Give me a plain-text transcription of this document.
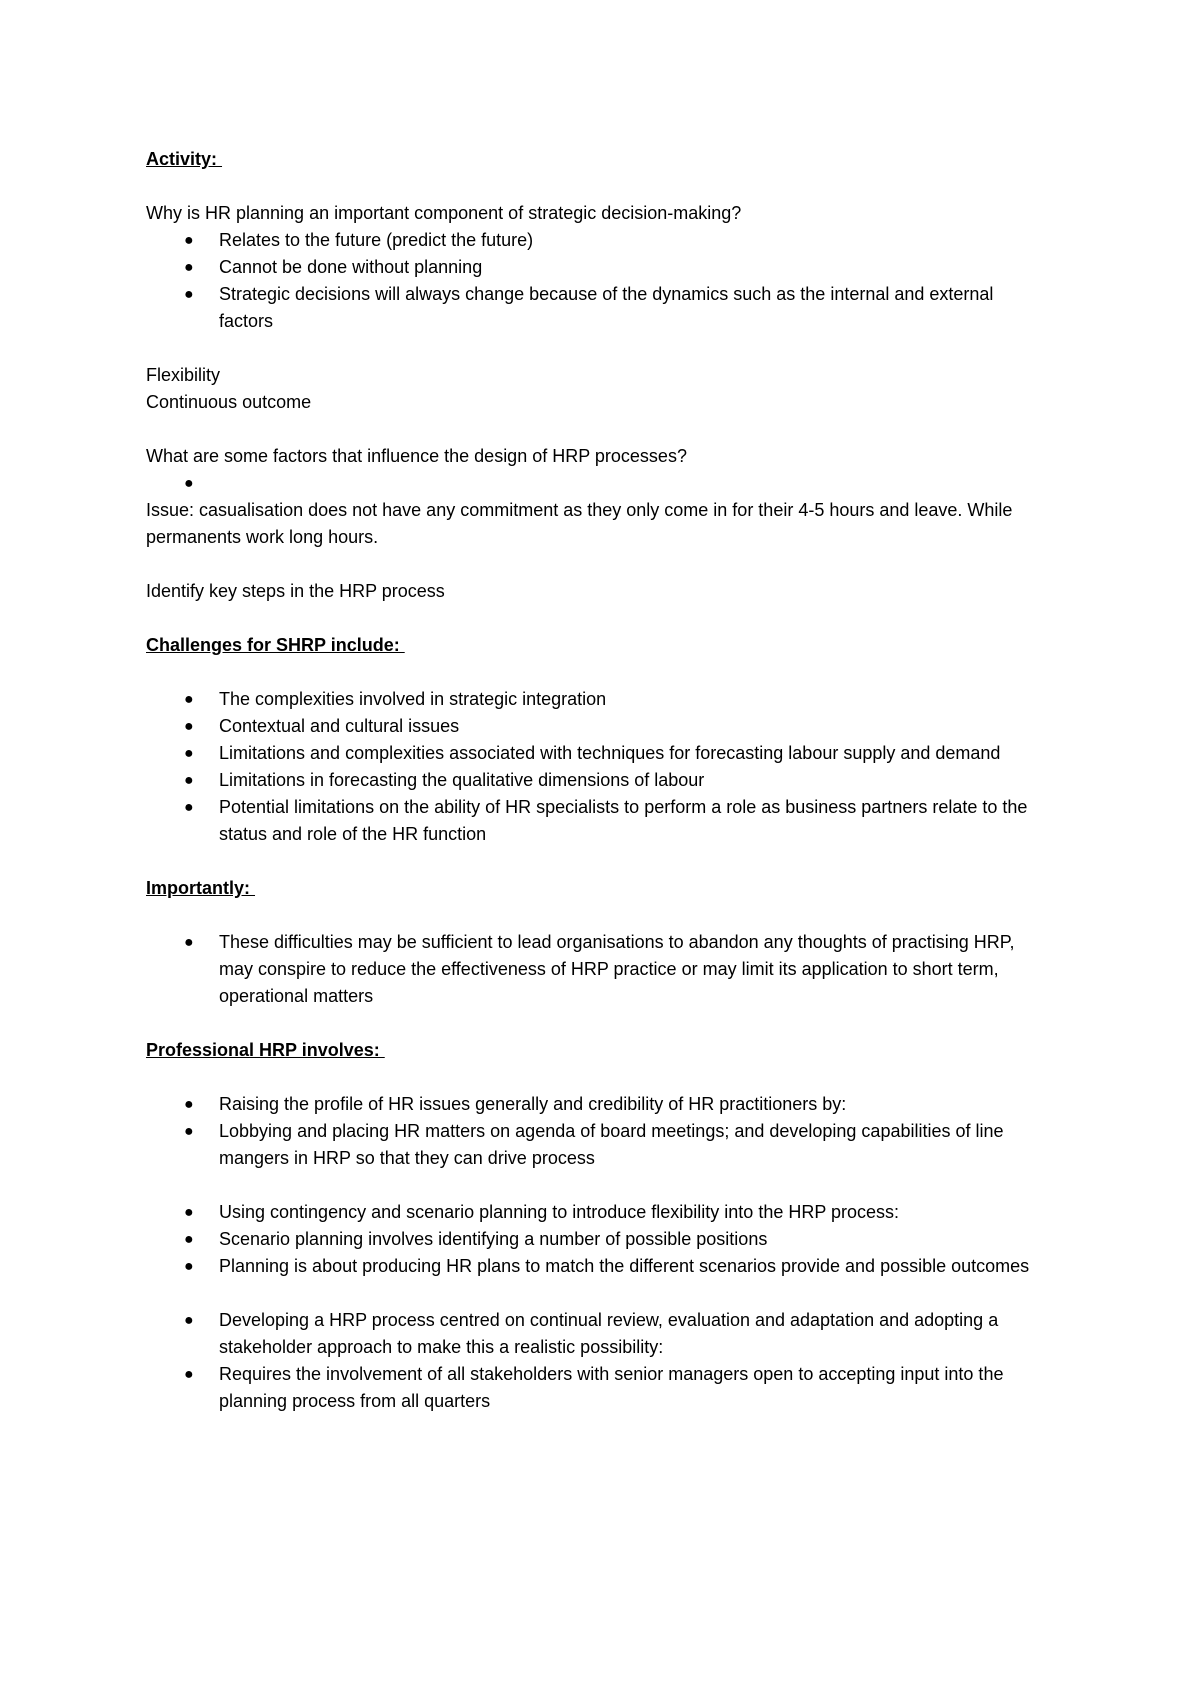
Activity:

Why is HR planning an important component of strategic decision-making?

● Relates to the future (predict the future)
● Cannot be done without planning
● Strategic decisions will always change because of the dynamics such as the internal and external factors

Flexibility

Continuous outcome

What are some factors that influence the design of HRP processes?

●

Issue: casualisation does not have any commitment as they only come in for their 4-5 hours and leave. While permanents work long hours.

Identify key steps in the HRP process

Challenges for SHRP include:

● The complexities involved in strategic integration
● Contextual and cultural issues
● Limitations and complexities associated with techniques for forecasting labour supply and demand
● Limitations in forecasting the qualitative dimensions of labour
● Potential limitations on the ability of HR specialists to perform a role as business partners relate to the status and role of the HR function

Importantly:

● These difficulties may be sufficient to lead organisations to abandon any thoughts of practising HRP, may conspire to reduce the effectiveness of HRP practice or may limit its application to short term, operational matters

Professional HRP involves:

● Raising the profile of HR issues generally and credibility of HR practitioners by:
● Lobbying and placing HR matters on agenda of board meetings; and developing capabilities of line mangers in HRP so that they can drive process
● Using contingency and scenario planning to introduce flexibility into the HRP process:
● Scenario planning involves identifying a number of possible positions
● Planning is about producing HR plans to match the different scenarios provide and possible outcomes
● Developing a HRP process centred on continual review, evaluation and adaptation and adopting a stakeholder approach to make this a realistic possibility:
● Requires the involvement of all stakeholders with senior managers open to accepting input into the planning process from all quarters
